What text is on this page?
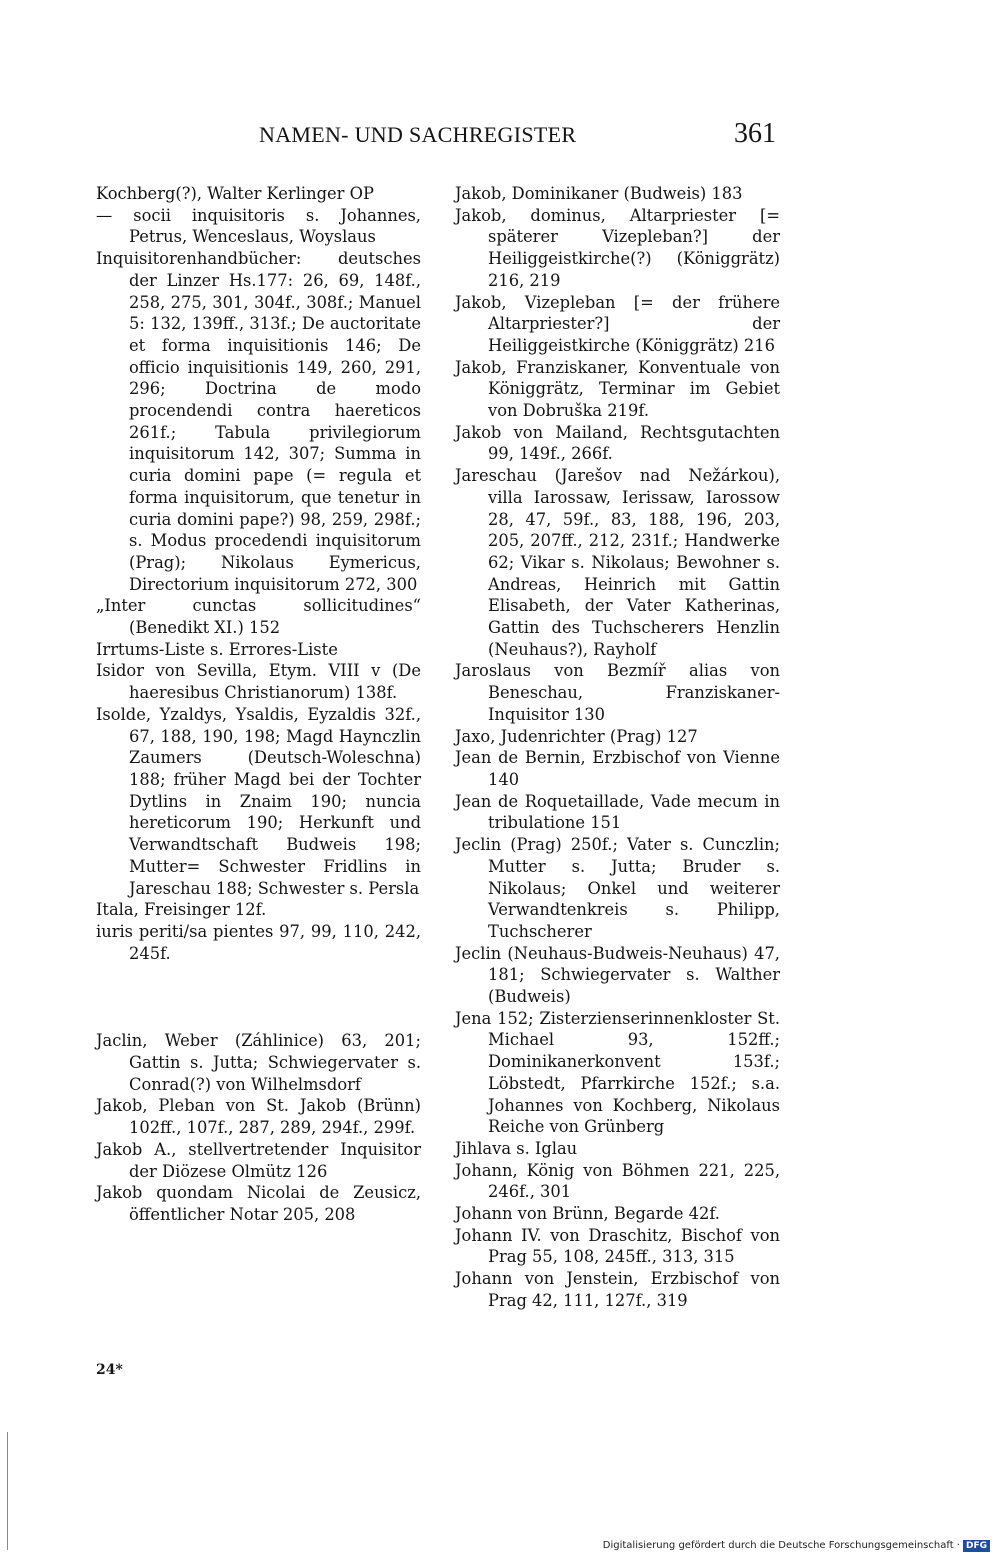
NAMEN- UND SACHREGISTER	361
Kochberg(?), Walter Kerlinger OP
— socii inquisitoris s. Johannes, Petrus, Wenceslaus, Woyslaus
Inquisitorenhandbücher: deutsches der Linzer Hs.177: 26, 69, 148f., 258, 275, 301, 304f., 308f.; Manuel 5: 132, 139ff., 313f.; De auctoritate et forma inquisitionis 146; De officio inquisitionis 149, 260, 291, 296; Doctrina de modo procendendi contra haereticos 261f.; Tabula privilegiorum inquisitorum 142, 307; Summa in curia domini pape (= regula et forma inquisitorum, que tenetur in curia domini pape?) 98, 259, 298f.; s. Modus procedendi inquisitorum (Prag); Nikolaus Eymericus, Directorium inquisitorum 272, 300
„Inter cunctas sollicitudines“ (Benedikt XI.) 152
Irrtums-Liste s. Errores-Liste
Isidor von Sevilla, Etym. VIII v (De haeresibus Christianorum) 138f.
Isolde, Yzaldys, Ysaldis, Eyzaldis 32f., 67, 188, 190, 198; Magd Haynczlin Zaumers (Deutsch-Woleschna) 188; früher Magd bei der Tochter Dytlins in Znaim 190; nuncia hereticorum 190; Herkunft und Verwandtschaft Budweis 198; Mutter= Schwester Fridlins in Jareschau 188; Schwester s. Persla
Itala, Freisinger 12f.
iuris periti/sa pientes 97, 99, 110, 242, 245f.
Jaclin, Weber (Záhlinice) 63, 201; Gattin s. Jutta; Schwiegervater s. Conrad(?) von Wilhelmsdorf
Jakob, Pleban von St. Jakob (Brünn) 102ff., 107f., 287, 289, 294f., 299f.
Jakob A., stellvertretender Inquisitor der Diözese Olmütz 126
Jakob quondam Nicolai de Zeusicz, öffentlicher Notar 205, 208
Jakob, Dominikaner (Budweis) 183
Jakob, dominus, Altarpriester [= späterer Vizepleban?] der Heiliggeistkirche(?) (Königgrätz) 216, 219
Jakob, Vizepleban [= der frühere Altarpriester?] der Heiliggeistkirche (Königgrätz) 216
Jakob, Franziskaner, Konventuale von Königgrätz, Terminar im Gebiet von Dobruška 219f.
Jakob von Mailand, Rechtsgutachten 99, 149f., 266f.
Jareschau (Jarešov nad Nežárkou), villa Iarossaw, Ierissaw, Iarossow 28, 47, 59f., 83, 188, 196, 203, 205, 207ff., 212, 231f.; Handwerke 62; Vikar s. Nikolaus; Bewohner s. Andreas, Heinrich mit Gattin Elisabeth, der Vater Katherinas, Gattin des Tuchscherers Henzlin (Neuhaus?), Rayholf
Jaroslaus von Bezmíř alias von Beneschau, Franziskaner-Inquisitor 130
Jaxo, Judenrichter (Prag) 127
Jean de Bernin, Erzbischof von Vienne 140
Jean de Roquetaillade, Vade mecum in tribulatione 151
Jeclin (Prag) 250f.; Vater s. Cunczlin; Mutter s. Jutta; Bruder s. Nikolaus; Onkel und weiterer Verwandtenkreis s. Philipp, Tuchscherer
Jeclin (Neuhaus-Budweis-Neuhaus) 47, 181; Schwiegervater s. Walther (Budweis)
Jena 152; Zisterzienserinnenkloster St. Michael 93, 152ff.; Dominikanerkonvent 153f.; Löbstedt, Pfarrkirche 152f.; s.a. Johannes von Kochberg, Nikolaus Reiche von Grünberg
Jihlava s. Iglau
Johann, König von Böhmen 221, 225, 246f., 301
Johann von Brünn, Begarde 42f.
Johann IV. von Draschitz, Bischof von Prag 55, 108, 245ff., 313, 315
Johann von Jenstein, Erzbischof von Prag 42, 111, 127f., 319
24*
Digitalisierung gefördert durch die Deutsche Forschungsgemeinschaft · DFG
